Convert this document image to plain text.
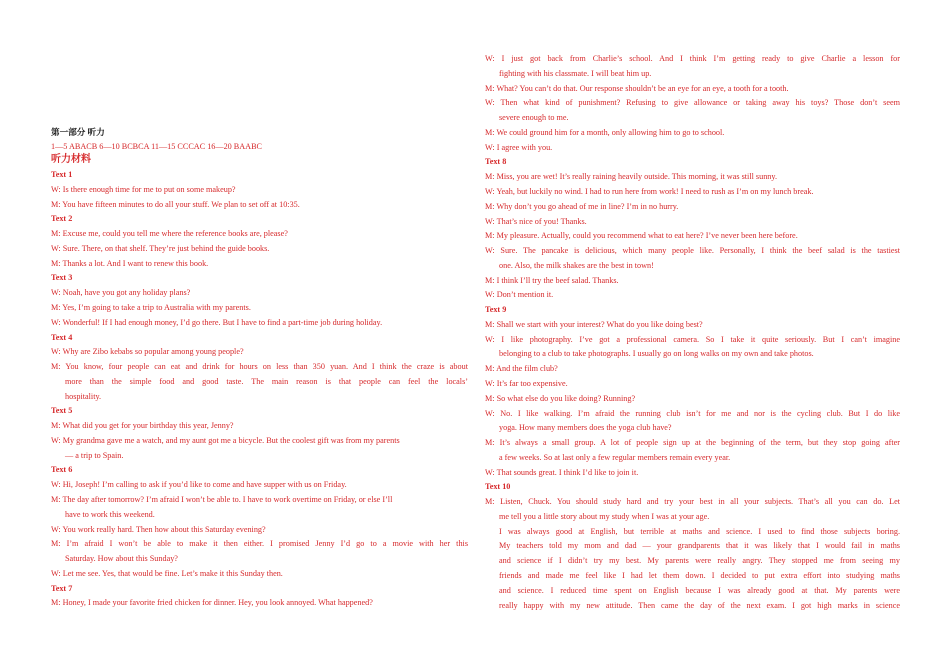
第一部分 听力
1—5 ABACB 6—10 BCBCA 11—15 CCCAC 16—20 BAABC
听力材料
Text 1
W: Is there enough time for me to put on some makeup?
M: You have fifteen minutes to do all your stuff. We plan to set off at 10:35.
Text 2
M: Excuse me, could you tell me where the reference books are, please?
W: Sure. There, on that shelf. They’re just behind the guide books.
M: Thanks a lot. And I want to renew this book.
Text 3
W: Noah, have you got any holiday plans?
M: Yes, I’m going to take a trip to Australia with my parents.
W: Wonderful! If I had enough money, I’d go there. But I have to find a part-time job during holiday.
Text 4
W: Why are Zibo kebabs so popular among young people?
M: You know, four people can eat and drink for hours on less than 350 yuan. And I think the craze is about
more than the simple food and good taste. The main reason is that people can feel the locals’
hospitality.
Text 5
M: What did you get for your birthday this year, Jenny?
W: My grandma gave me a watch, and my aunt got me a bicycle. But the coolest gift was from my parents
— a trip to Spain.
Text 6
W: Hi, Joseph! I’m calling to ask if you’d like to come and have supper with us on Friday.
M: The day after tomorrow? I’m afraid I won’t be able to. I have to work overtime on Friday, or else I’ll
have to work this weekend.
W: You work really hard. Then how about this Saturday evening?
M: I’m afraid I won’t be able to make it then either. I promised Jenny I’d go to a movie with her this
Saturday. How about this Sunday?
W: Let me see. Yes, that would be fine. Let’s make it this Sunday then.
Text 7
M: Honey, I made your favorite fried chicken for dinner. Hey, you look annoyed. What happened?
W: I just got back from Charlie’s school. And I think I’m getting ready to give Charlie a lesson for
fighting with his classmate. I will beat him up.
M: What? You can’t do that. Our response shouldn’t be an eye for an eye, a tooth for a tooth.
W: Then what kind of punishment? Refusing to give allowance or taking away his toys? Those don’t seem
severe enough to me.
M: We could ground him for a month, only allowing him to go to school.
W: I agree with you.
Text 8
M: Miss, you are wet! It’s really raining heavily outside. This morning, it was still sunny.
W: Yeah, but luckily no wind. I had to run here from work! I need to rush as I’m on my lunch break.
M: Why don’t you go ahead of me in line? I’m in no hurry.
W: That’s nice of you! Thanks.
M: My pleasure. Actually, could you recommend what to eat here? I’ve never been here before.
W: Sure. The pancake is delicious, which many people like. Personally, I think the beef salad is the tastiest
one. Also, the milk shakes are the best in town!
M: I think I’ll try the beef salad. Thanks.
W: Don’t mention it.
Text 9
M: Shall we start with your interest? What do you like doing best?
W: I like photography. I’ve got a professional camera. So I take it quite seriously. But I can’t imagine
belonging to a club to take photographs. I usually go on long walks on my own and take photos.
M: And the film club?
W: It’s far too expensive.
M: So what else do you like doing? Running?
W: No. I like walking. I’m afraid the running club isn’t for me and nor is the cycling club. But I do like
yoga. How many members does the yoga club have?
M: It’s always a small group. A lot of people sign up at the beginning of the term, but they stop going after
a few weeks. So at last only a few regular members remain every year.
W: That sounds great. I think I’d like to join it.
Text 10
M: Listen, Chuck. You should study hard and try your best in all your subjects. That’s all you can do. Let
me tell you a little story about my study when I was at your age.
I was always good at English, but terrible at maths and science. I used to find those subjects boring.
My teachers told my mom and dad — your grandparents that it was likely that I would fail in maths
and science if I didn’t try my best. My parents were really angry. They stopped me from seeing my
friends and made me feel like I had let them down. I decided to put extra effort into studying maths
and science. I reduced time spent on English because I was already good at that. My parents were
really happy with my new attitude. Then came the day of the next exam. I got high marks in science
